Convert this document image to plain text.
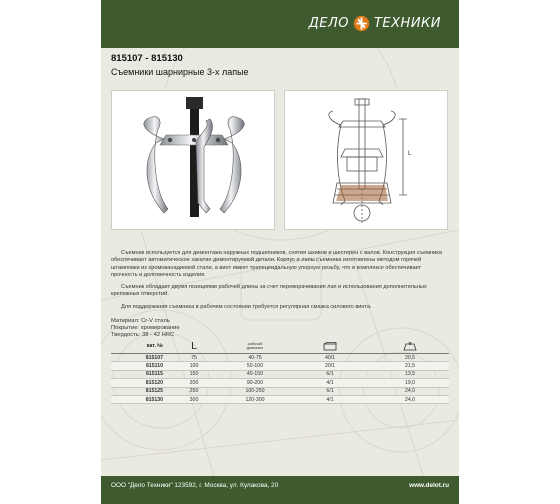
ДЕЛО ТЕХНИКИ
815107 - 815130
Съемники шарнирные 3-х лапые
L

Съемник используется для демонтажа наружных подшипников, снятия шкивов и шестерен с валов. Конструкция съемника обеспечивает автоматическое закатие демонтируемой детали. Корпус и лапы съемника изготовлены методом горячей штамповки из хромованадиевой стали, а винт имеет трапецеидальную упорную резьбу, что в комплексе обеспечивает прочность и долговечность изделия.

Съемник обладает двумя позициями рабочей длины за счет переворачивания лап и использования дополнительных крепежных отверстий.

Для поддержания съемника в рабочем состоянии требуется регулярная смазка силового винта.

Материал: Cr-V сталь
Покрытие: хромирование
Твердость: 38 - 42 HRC
кат. №	L	рабочий
диапазон
815107	75	40-75	40/1	20,5
815110	100	50-100	20/1	21,5
815115	150	40-150	6/1	13,5
815120	200	90-200	4/1	19,0
815125	250	100-250	6/1	24,0
815130	300	120-300	4/1	24,0
ООО "Дело Техники" 123592, г. Москва, ул. Кулакова, 20	www.delot.ru
